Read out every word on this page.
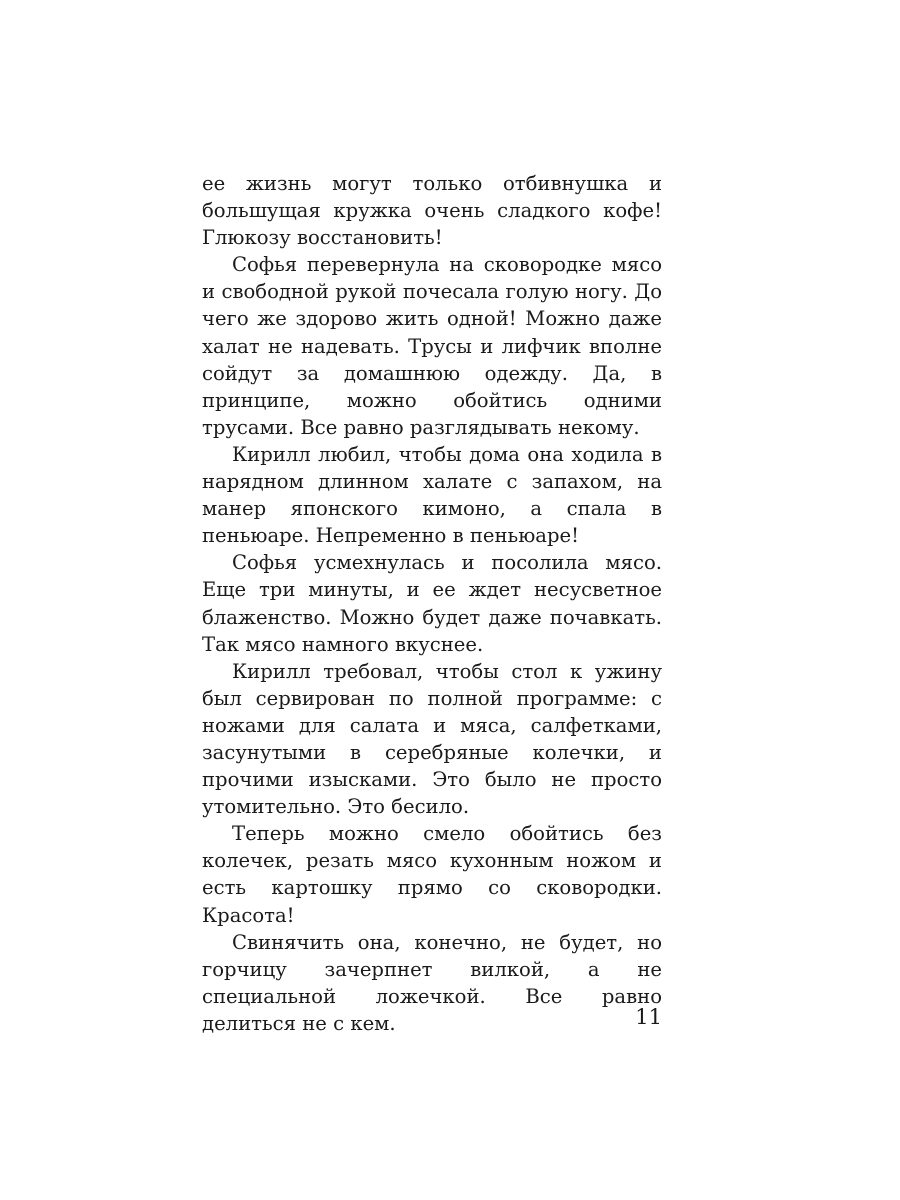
ее жизнь могут только отбивнушка и большущая кружка очень сладкого кофе! Глюкозу восстановить!

Софья перевернула на сковородке мясо и свободной рукой почесала голую ногу. До чего же здорово жить одной! Можно даже халат не надевать. Трусы и лифчик вполне сойдут за домашнюю одежду. Да, в принципе, можно обойтись одними трусами. Все равно разглядывать некому.

Кирилл любил, чтобы дома она ходила в нарядном длинном халате с запахом, на манер японского кимоно, а спала в пеньюаре. Непременно в пеньюаре!

Софья усмехнулась и посолила мясо. Еще три минуты, и ее ждет несусветное блаженство. Можно будет даже почавкать. Так мясо намного вкуснее.

Кирилл требовал, чтобы стол к ужину был сервирован по полной программе: с ножами для салата и мяса, салфетками, засунутыми в серебряные колечки, и прочими изысками. Это было не просто утомительно. Это бесило.

Теперь можно смело обойтись без колечек, резать мясо кухонным ножом и есть картошку прямо со сковородки. Красота!

Свинячить она, конечно, не будет, но горчицу зачерпнет вилкой, а не специальной ложечкой. Все равно делиться не с кем.	11
